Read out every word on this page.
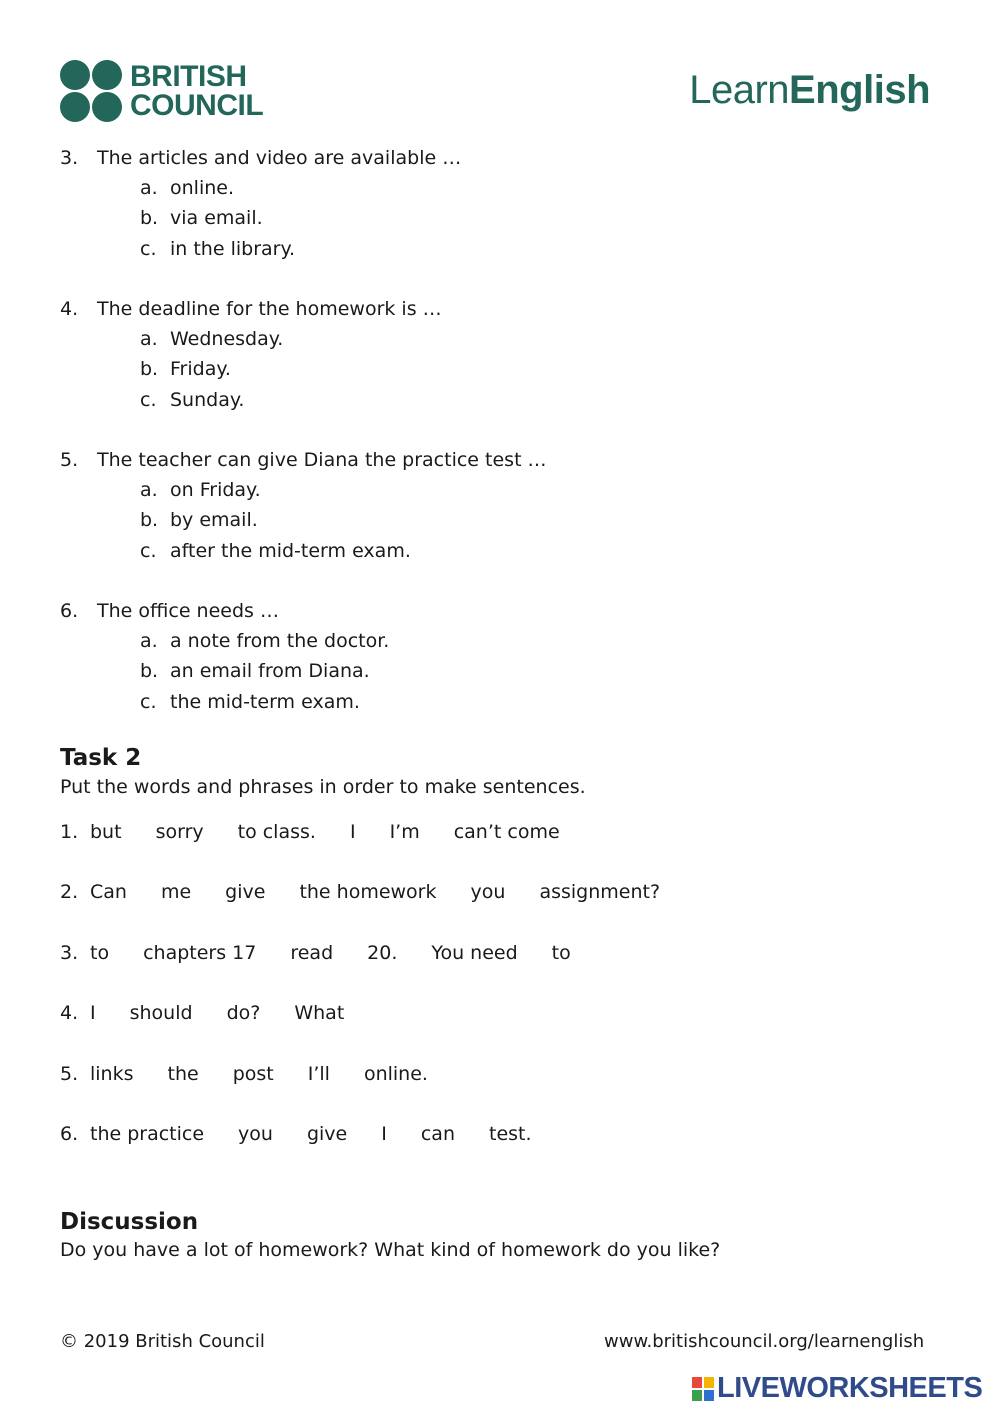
BRITISH
COUNCIL	LearnEnglish
3. The articles and video are available …
a. online.
b. via email.
c. in the library.
4. The deadline for the homework is …
a. Wednesday.
b. Friday.
c. Sunday.
5. The teacher can give Diana the practice test …
a. on Friday.
b. by email.
c. after the mid-term exam.
6. The office needs …
a. a note from the doctor.
b. an email from Diana.
c. the mid-term exam.
Task 2
Put the words and phrases in order to make sentences.
1. but sorry to class. I I’m can’t come
2. Can me give the homework you assignment?
3. to chapters 17 read 20. You need to
4. I should do? What
5. links the post I’ll online.
6. the practice you give I can test.
Discussion
Do you have a lot of homework? What kind of homework do you like?
© 2019 British Council	www.britishcouncil.org/learnenglish
LIVEWORKSHEETS
